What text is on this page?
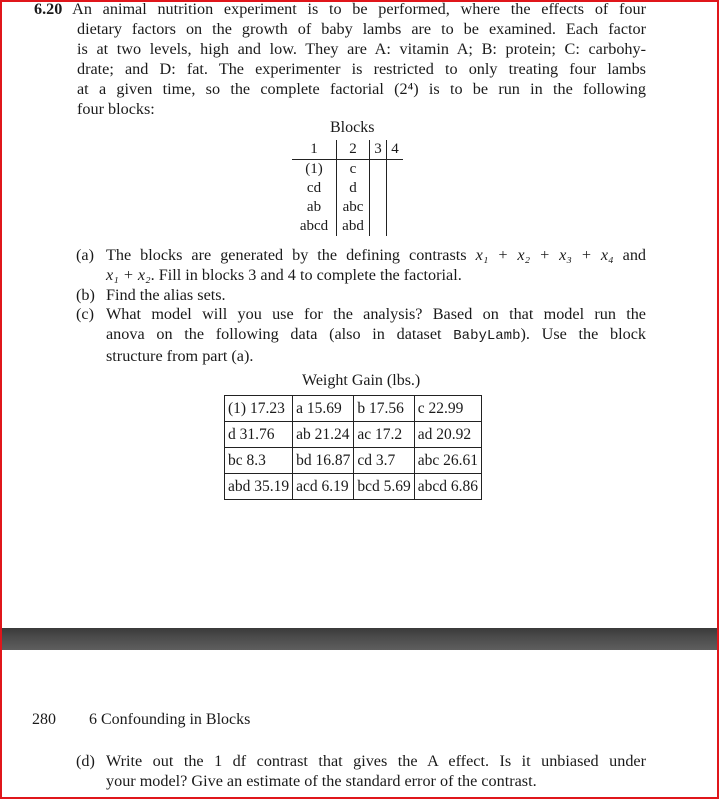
6.20 An animal nutrition experiment is to be performed, where the effects of four
dietary factors on the growth of baby lambs are to be examined. Each factor
is at two levels, high and low. They are A: vitamin A; B: protein; C: carbohy-
drate; and D: fat. The experimenter is restricted to only treating four lambs
at a given time, so the complete factorial (2⁴) is to be run in the following
four blocks:
Blocks
1	2	3	4
(1)	c		
cd	d		
ab	abc		
abcd	abd		
(a) The blocks are generated by the defining contrasts x₁ + x₂ + x₃ + x₄ and
x₁ + x₂. Fill in blocks 3 and 4 to complete the factorial.
(b) Find the alias sets.
(c) What model will you use for the analysis? Based on that model run the
anova on the following data (also in dataset BabyLamb). Use the block
structure from part (a).
Weight Gain (lbs.)
(1) 17.23	a 15.69	b 17.56	c 22.99
d 31.76	ab 21.24	ac 17.2	ad 20.92
bc 8.3	bd 16.87	cd 3.7	abc 26.61
abd 35.19	acd 6.19	bcd 5.69	abcd 6.86
280 6 Confounding in Blocks
(d) Write out the 1 df contrast that gives the A effect. Is it unbiased under
your model? Give an estimate of the standard error of the contrast.
